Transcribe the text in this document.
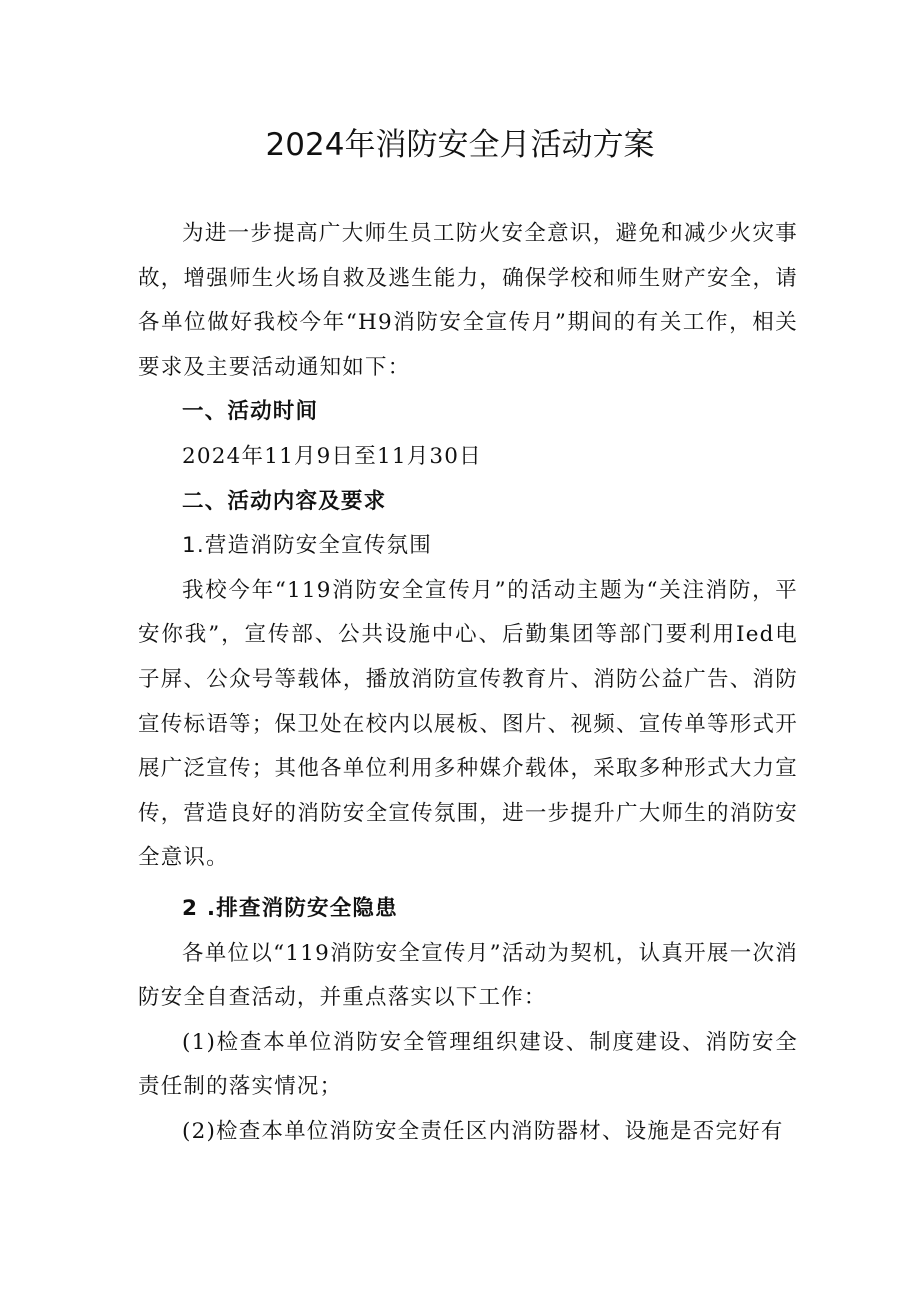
2024年消防安全月活动方案

为进一步提高广大师生员工防火安全意识，避免和减少火灾事故，增强师生火场自救及逃生能力，确保学校和师生财产安全，请各单位做好我校今年“H9消防安全宣传月”期间的有关工作，相关要求及主要活动通知如下：

一、活动时间

2024年11月9日至11月30日

二、活动内容及要求

1.营造消防安全宣传氛围

我校今年“119消防安全宣传月”的活动主题为“关注消防，平安你我”，宣传部、公共设施中心、后勤集团等部门要利用Ied电子屏、公众号等载体，播放消防宣传教育片、消防公益广告、消防宣传标语等；保卫处在校内以展板、图片、视频、宣传单等形式开展广泛宣传；其他各单位利用多种媒介载体，采取多种形式大力宣传，营造良好的消防安全宣传氛围，进一步提升广大师生的消防安全意识。

2 .排查消防安全隐患

各单位以“119消防安全宣传月”活动为契机，认真开展一次消防安全自查活动，并重点落实以下工作：

(1)检查本单位消防安全管理组织建设、制度建设、消防安全责任制的落实情况；

(2)检查本单位消防安全责任区内消防器材、设施是否完好有
